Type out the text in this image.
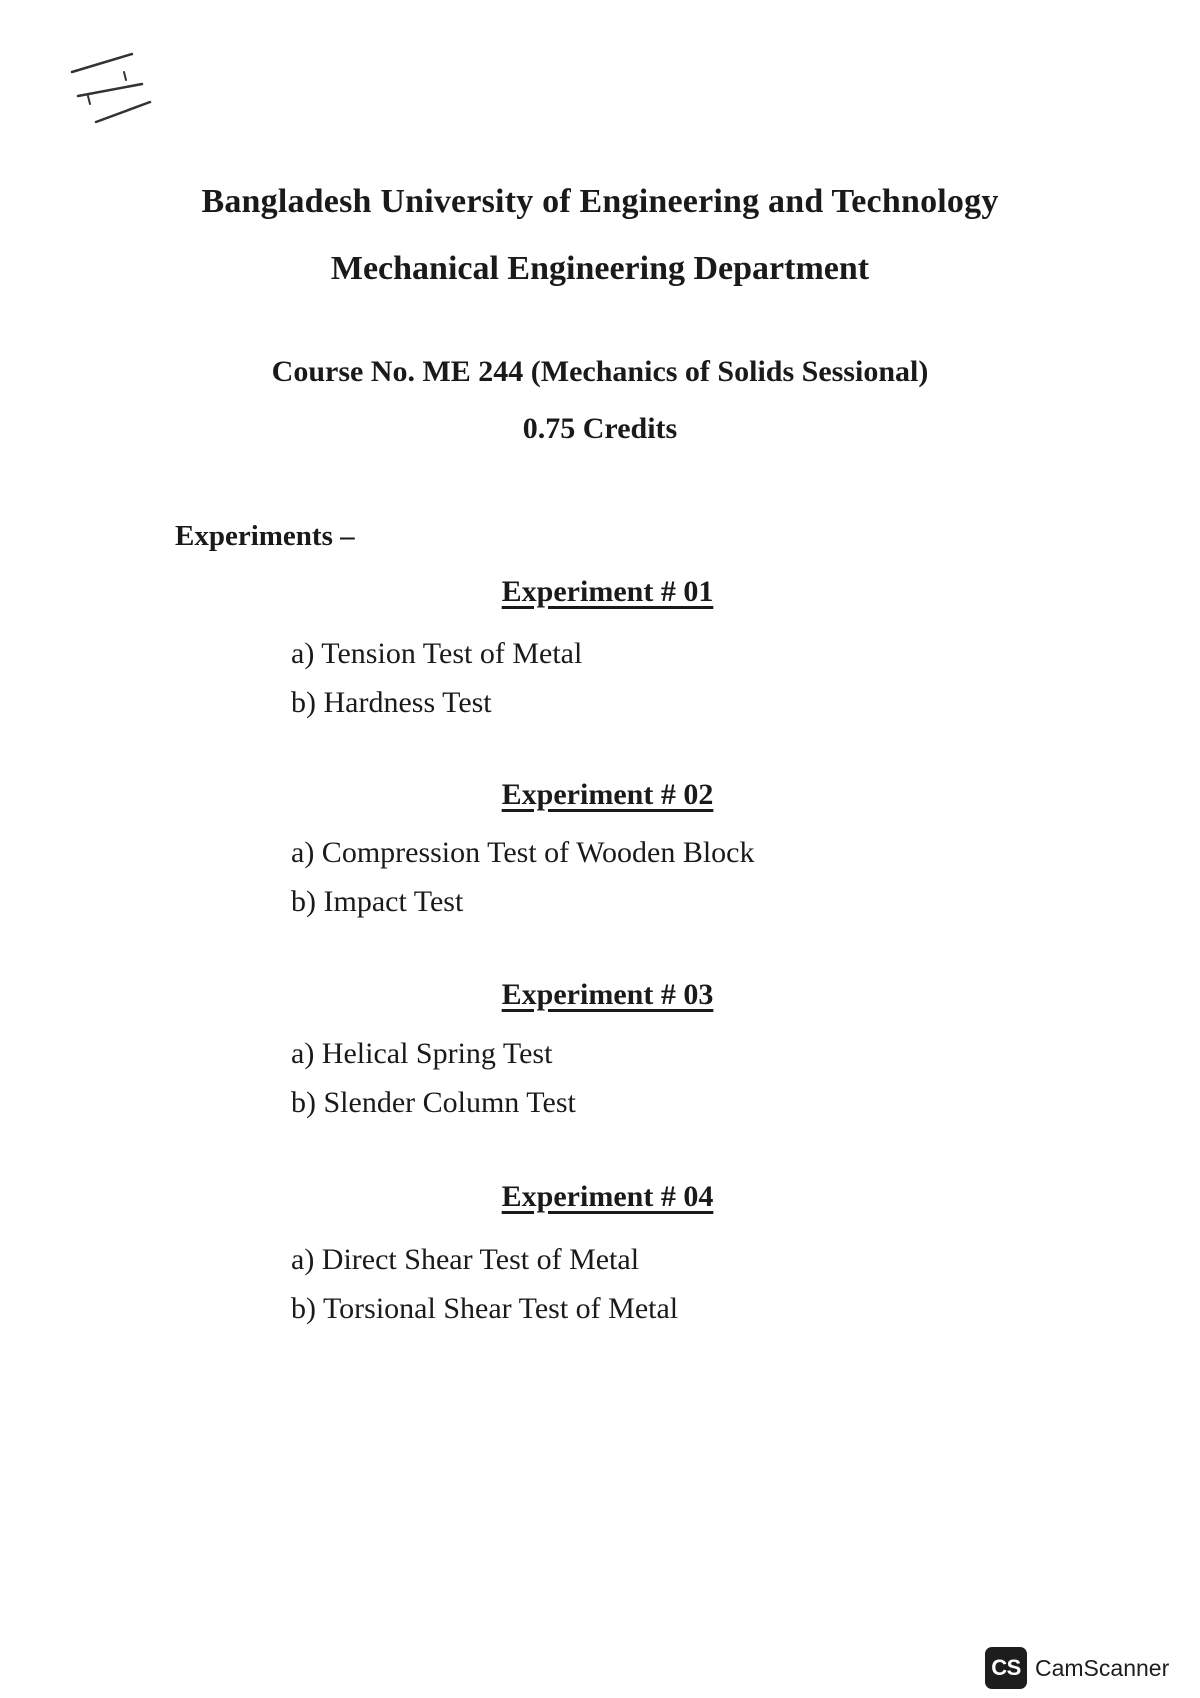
Bangladesh University of Engineering and Technology
Mechanical Engineering Department
Course No. ME 244 (Mechanics of Solids Sessional)
0.75 Credits
Experiments –
Experiment # 01
a) Tension Test of Metal
b) Hardness Test
Experiment # 02
a) Compression Test of Wooden Block
b) Impact Test
Experiment # 03
a) Helical Spring Test
b) Slender Column Test
Experiment # 04
a) Direct Shear Test of Metal
b) Torsional Shear Test of Metal
CS CamScanner
